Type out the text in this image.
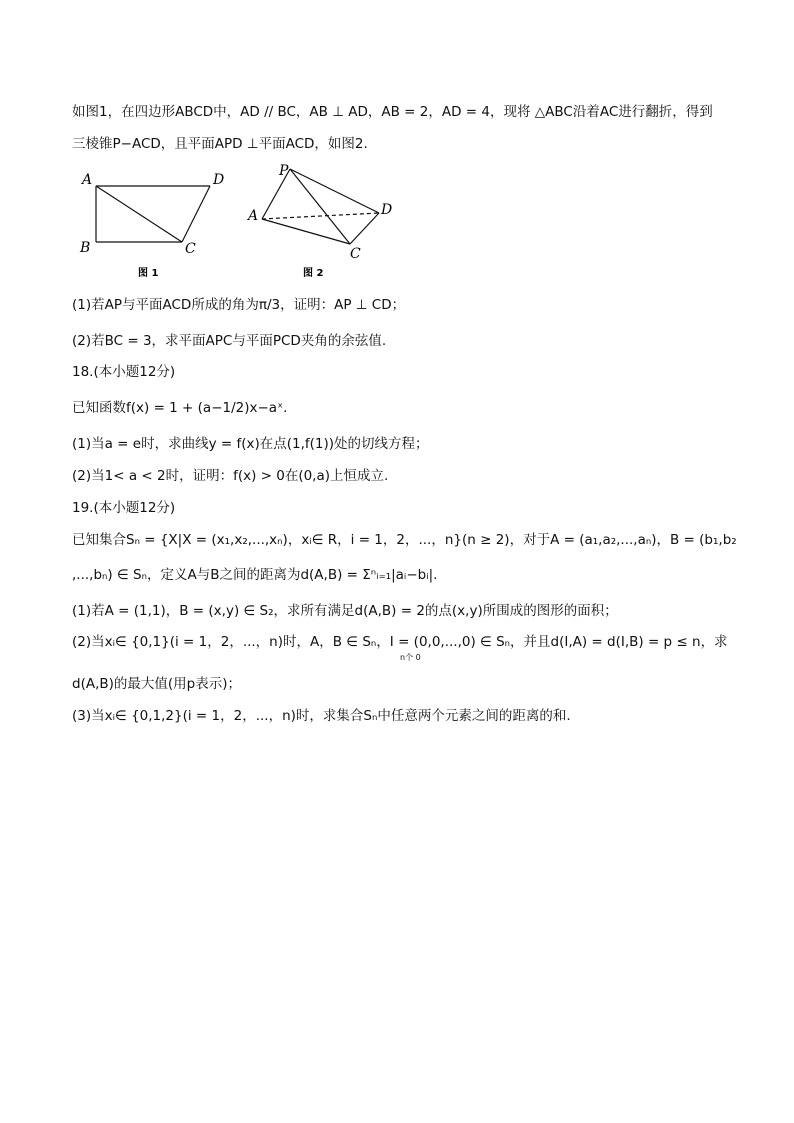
如图1，在四边形ABCD中，AD // BC，AB ⊥ AD，AB = 2，AD = 4，现将 △ABC沿着AC进行翻折，得到
三棱锥P−ACD，且平面APD ⊥平面ACD，如图2.
A	D
B	C
图 1
P
A	D
C
图 2
(1)若AP与平面ACD所成的角为π/3，证明：AP ⊥ CD；
(2)若BC = 3，求平面APC与平面PCD夹角的余弦值.
18.(本小题12分)
已知函数f(x) = 1 + (a−1/2)x−aˣ.
(1)当a = e时，求曲线y = f(x)在点(1,f(1))处的切线方程；
(2)当1< a < 2时，证明：f(x) > 0在(0,a)上恒成立.
19.(本小题12分)
已知集合Sₙ = {X|X = (x₁,x₂,...,xₙ)，xᵢ∈ R，i = 1，2，...，n}(n ≥ 2)，对于A = (a₁,a₂,...,aₙ)，B = (b₁,b₂
,...,bₙ) ∈ Sₙ，定义A与B之间的距离为d(A,B) = Σⁿᵢ₌₁|aᵢ−bᵢ|.
(1)若A = (1,1)，B = (x,y) ∈ S₂，求所有满足d(A,B) = 2的点(x,y)所围成的图形的面积；
(2)当xᵢ∈ {0,1}(i = 1，2，...，n)时，A，B ∈ Sₙ，I = (0,0,...,0) ∈ Sₙ，并且d(I,A) = d(I,B) = p ≤ n，求
n个 0
d(A,B)的最大值(用p表示)；
(3)当xᵢ∈ {0,1,2}(i = 1，2，...，n)时，求集合Sₙ中任意两个元素之间的距离的和.
